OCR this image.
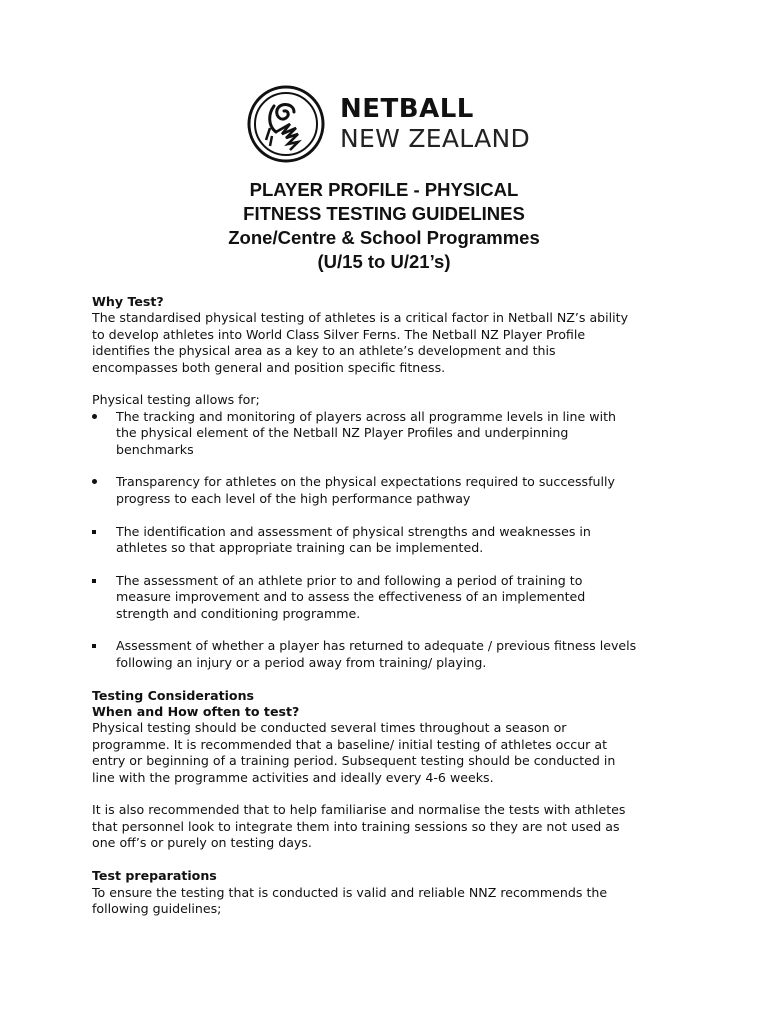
NETBALL
NEW ZEALAND
PLAYER PROFILE - PHYSICAL
FITNESS TESTING GUIDELINES
Zone/Centre & School Programmes
(U/15 to U/21’s)

Why Test?

The standardised physical testing of athletes is a critical factor in Netball NZ’s ability

to develop athletes into World Class Silver Ferns. The Netball NZ Player Profile

identifies the physical area as a key to an athlete’s development and this

encompasses both general and position specific fitness.

Physical testing allows for;

The tracking and monitoring of players across all programme levels in line with

the physical element of the Netball NZ Player Profiles and underpinning

benchmarks

Transparency for athletes on the physical expectations required to successfully

progress to each level of the high performance pathway

The identification and assessment of physical strengths and weaknesses in

athletes so that appropriate training can be implemented.

The assessment of an athlete prior to and following a period of training to

measure improvement and to assess the effectiveness of an implemented

strength and conditioning programme.

Assessment of whether a player has returned to adequate / previous fitness levels

following an injury or a period away from training/ playing.

Testing Considerations

When and How often to test?

Physical testing should be conducted several times throughout a season or

programme. It is recommended that a baseline/ initial testing of athletes occur at

entry or beginning of a training period. Subsequent testing should be conducted in

line with the programme activities and ideally every 4-6 weeks.

It is also recommended that to help familiarise and normalise the tests with athletes

that personnel look to integrate them into training sessions so they are not used as

one off’s or purely on testing days.

Test preparations

To ensure the testing that is conducted is valid and reliable NNZ recommends the

following guidelines;
